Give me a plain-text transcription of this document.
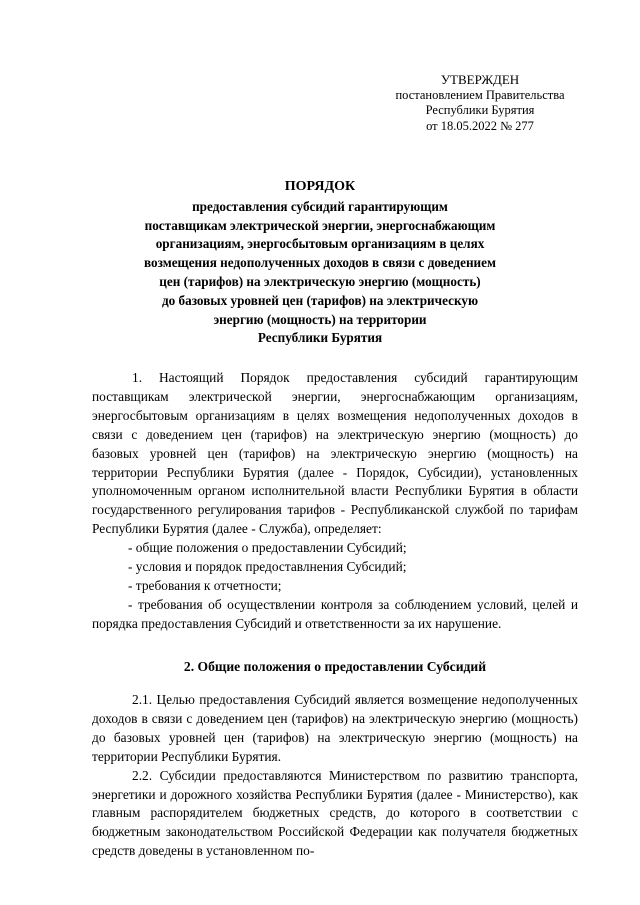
УТВЕРЖДЕН
постановлением Правительства
Республики Бурятия
от 18.05.2022 № 277
ПОРЯДОК
предоставления субсидий гарантирующим
поставщикам электрической энергии, энергоснабжающим
организациям, энергосбытовым организациям в целях
возмещения недополученных доходов в связи с доведением
цен (тарифов) на электрическую энергию (мощность)
до базовых уровней цен (тарифов) на электрическую
энергию (мощность) на территории
Республики Бурятия

1. Настоящий Порядок предоставления субсидий гарантирующим поставщикам электрической энергии, энергоснабжающим организациям, энергосбытовым организациям в целях возмещения недополученных доходов в связи с доведением цен (тарифов) на электрическую энергию (мощность) до базовых уровней цен (тарифов) на электрическую энергию (мощность) на территории Республики Бурятия (далее - Порядок, Субсидии), установленных уполномоченным органом исполнительной власти Республики Бурятия в области государственного регулирования тарифов - Республиканской службой по тарифам Республики Бурятия (далее - Служба), определяет:

- общие положения о предоставлении Субсидий;

- условия и порядок предоставлнения Субсидий;

- требования к отчетности;

- требования об осуществлении контроля за соблюдением условий, целей и порядка предоставления Субсидий и ответственности за их нарушение.

2. Общие положения о предоставлении Субсидий

2.1. Целью предоставления Субсидий является возмещение недополученных доходов в связи с доведением цен (тарифов) на электрическую энергию (мощность) до базовых уровней цен (тарифов) на электрическую энергию (мощность) на территории Республики Бурятия.

2.2. Субсидии предоставляются Министерством по развитию транспорта, энергетики и дорожного хозяйства Республики Бурятия (далее - Министерство), как главным распорядителем бюджетных средств, до которого в соответствии с бюджетным законодательством Российской Федерации как получателя бюджетных средств доведены в установленном по-
